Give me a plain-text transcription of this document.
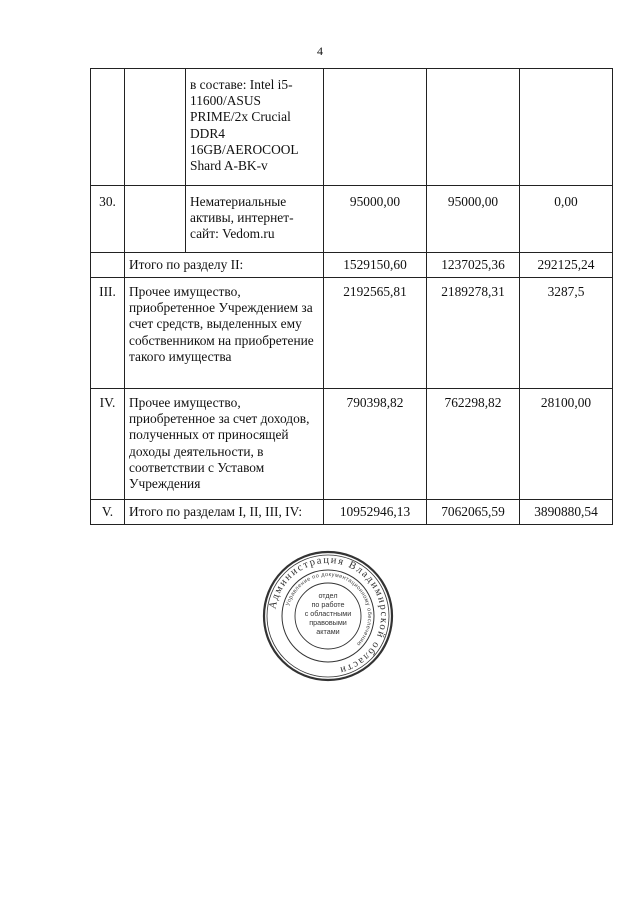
4
		в составе: Intel i5-11600/ASUS PRIME/2x Crucial DDR4 16GB/AEROCOOL Shard A-BK-v			
30.		Нематериальные активы, интернет-сайт: Vedom.ru	95000,00	95000,00	0,00
	Итого по разделу II:		1529150,60	1237025,36	292125,24
III.	Прочее имущество, приобретенное Учреждением за счет средств, выделенных ему собственником на приобретение такого имущества		2192565,81	2189278,31	3287,5
IV.	Прочее имущество, приобретенное за счет доходов, полученных от приносящей доходы деятельности, в соответствии с Уставом Учреждения		790398,82	762298,82	28100,00
V.	Итого по разделам I, II, III, IV:		10952946,13	7062065,59	3890880,54
Администрация Владимирской области
Управление по документационному обеспечению
отдел
по работе
с областными
правовыми
актами
